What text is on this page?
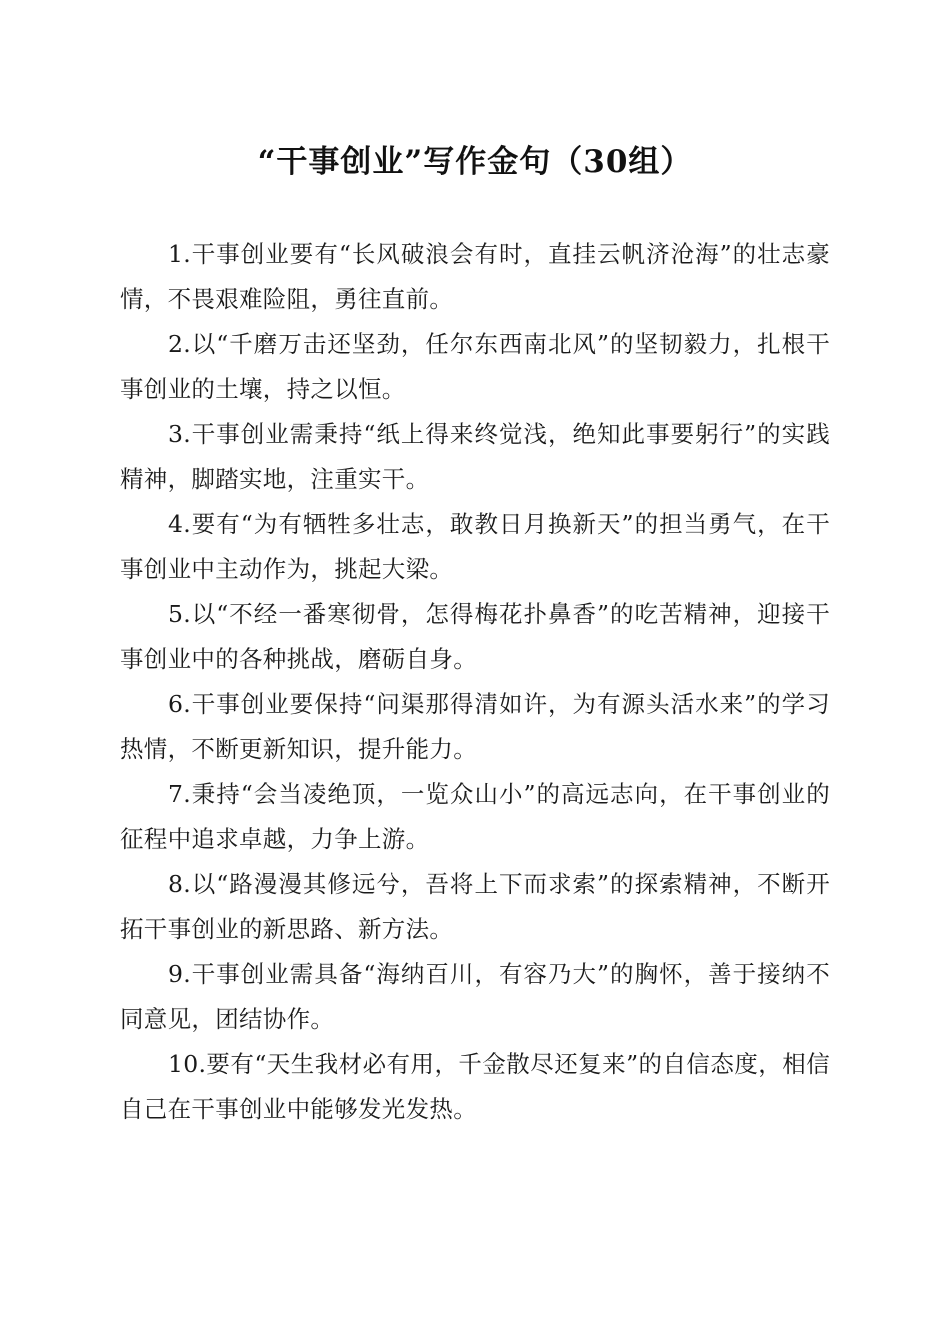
“干事创业”写作金句（30组）

1.干事创业要有“长风破浪会有时，直挂云帆济沧海”的壮志豪情，不畏艰难险阻，勇往直前。

2.以“千磨万击还坚劲，任尔东西南北风”的坚韧毅力，扎根干事创业的土壤，持之以恒。

3.干事创业需秉持“纸上得来终觉浅，绝知此事要躬行”的实践精神，脚踏实地，注重实干。

4.要有“为有牺牲多壮志，敢教日月换新天”的担当勇气，在干事创业中主动作为，挑起大梁。

5.以“不经一番寒彻骨，怎得梅花扑鼻香”的吃苦精神，迎接干事创业中的各种挑战，磨砺自身。

6.干事创业要保持“问渠那得清如许，为有源头活水来”的学习热情，不断更新知识，提升能力。

7.秉持“会当凌绝顶，一览众山小”的高远志向，在干事创业的征程中追求卓越，力争上游。

8.以“路漫漫其修远兮，吾将上下而求索”的探索精神，不断开拓干事创业的新思路、新方法。

9.干事创业需具备“海纳百川，有容乃大”的胸怀，善于接纳不同意见，团结协作。

10.要有“天生我材必有用，千金散尽还复来”的自信态度，相信自己在干事创业中能够发光发热。
